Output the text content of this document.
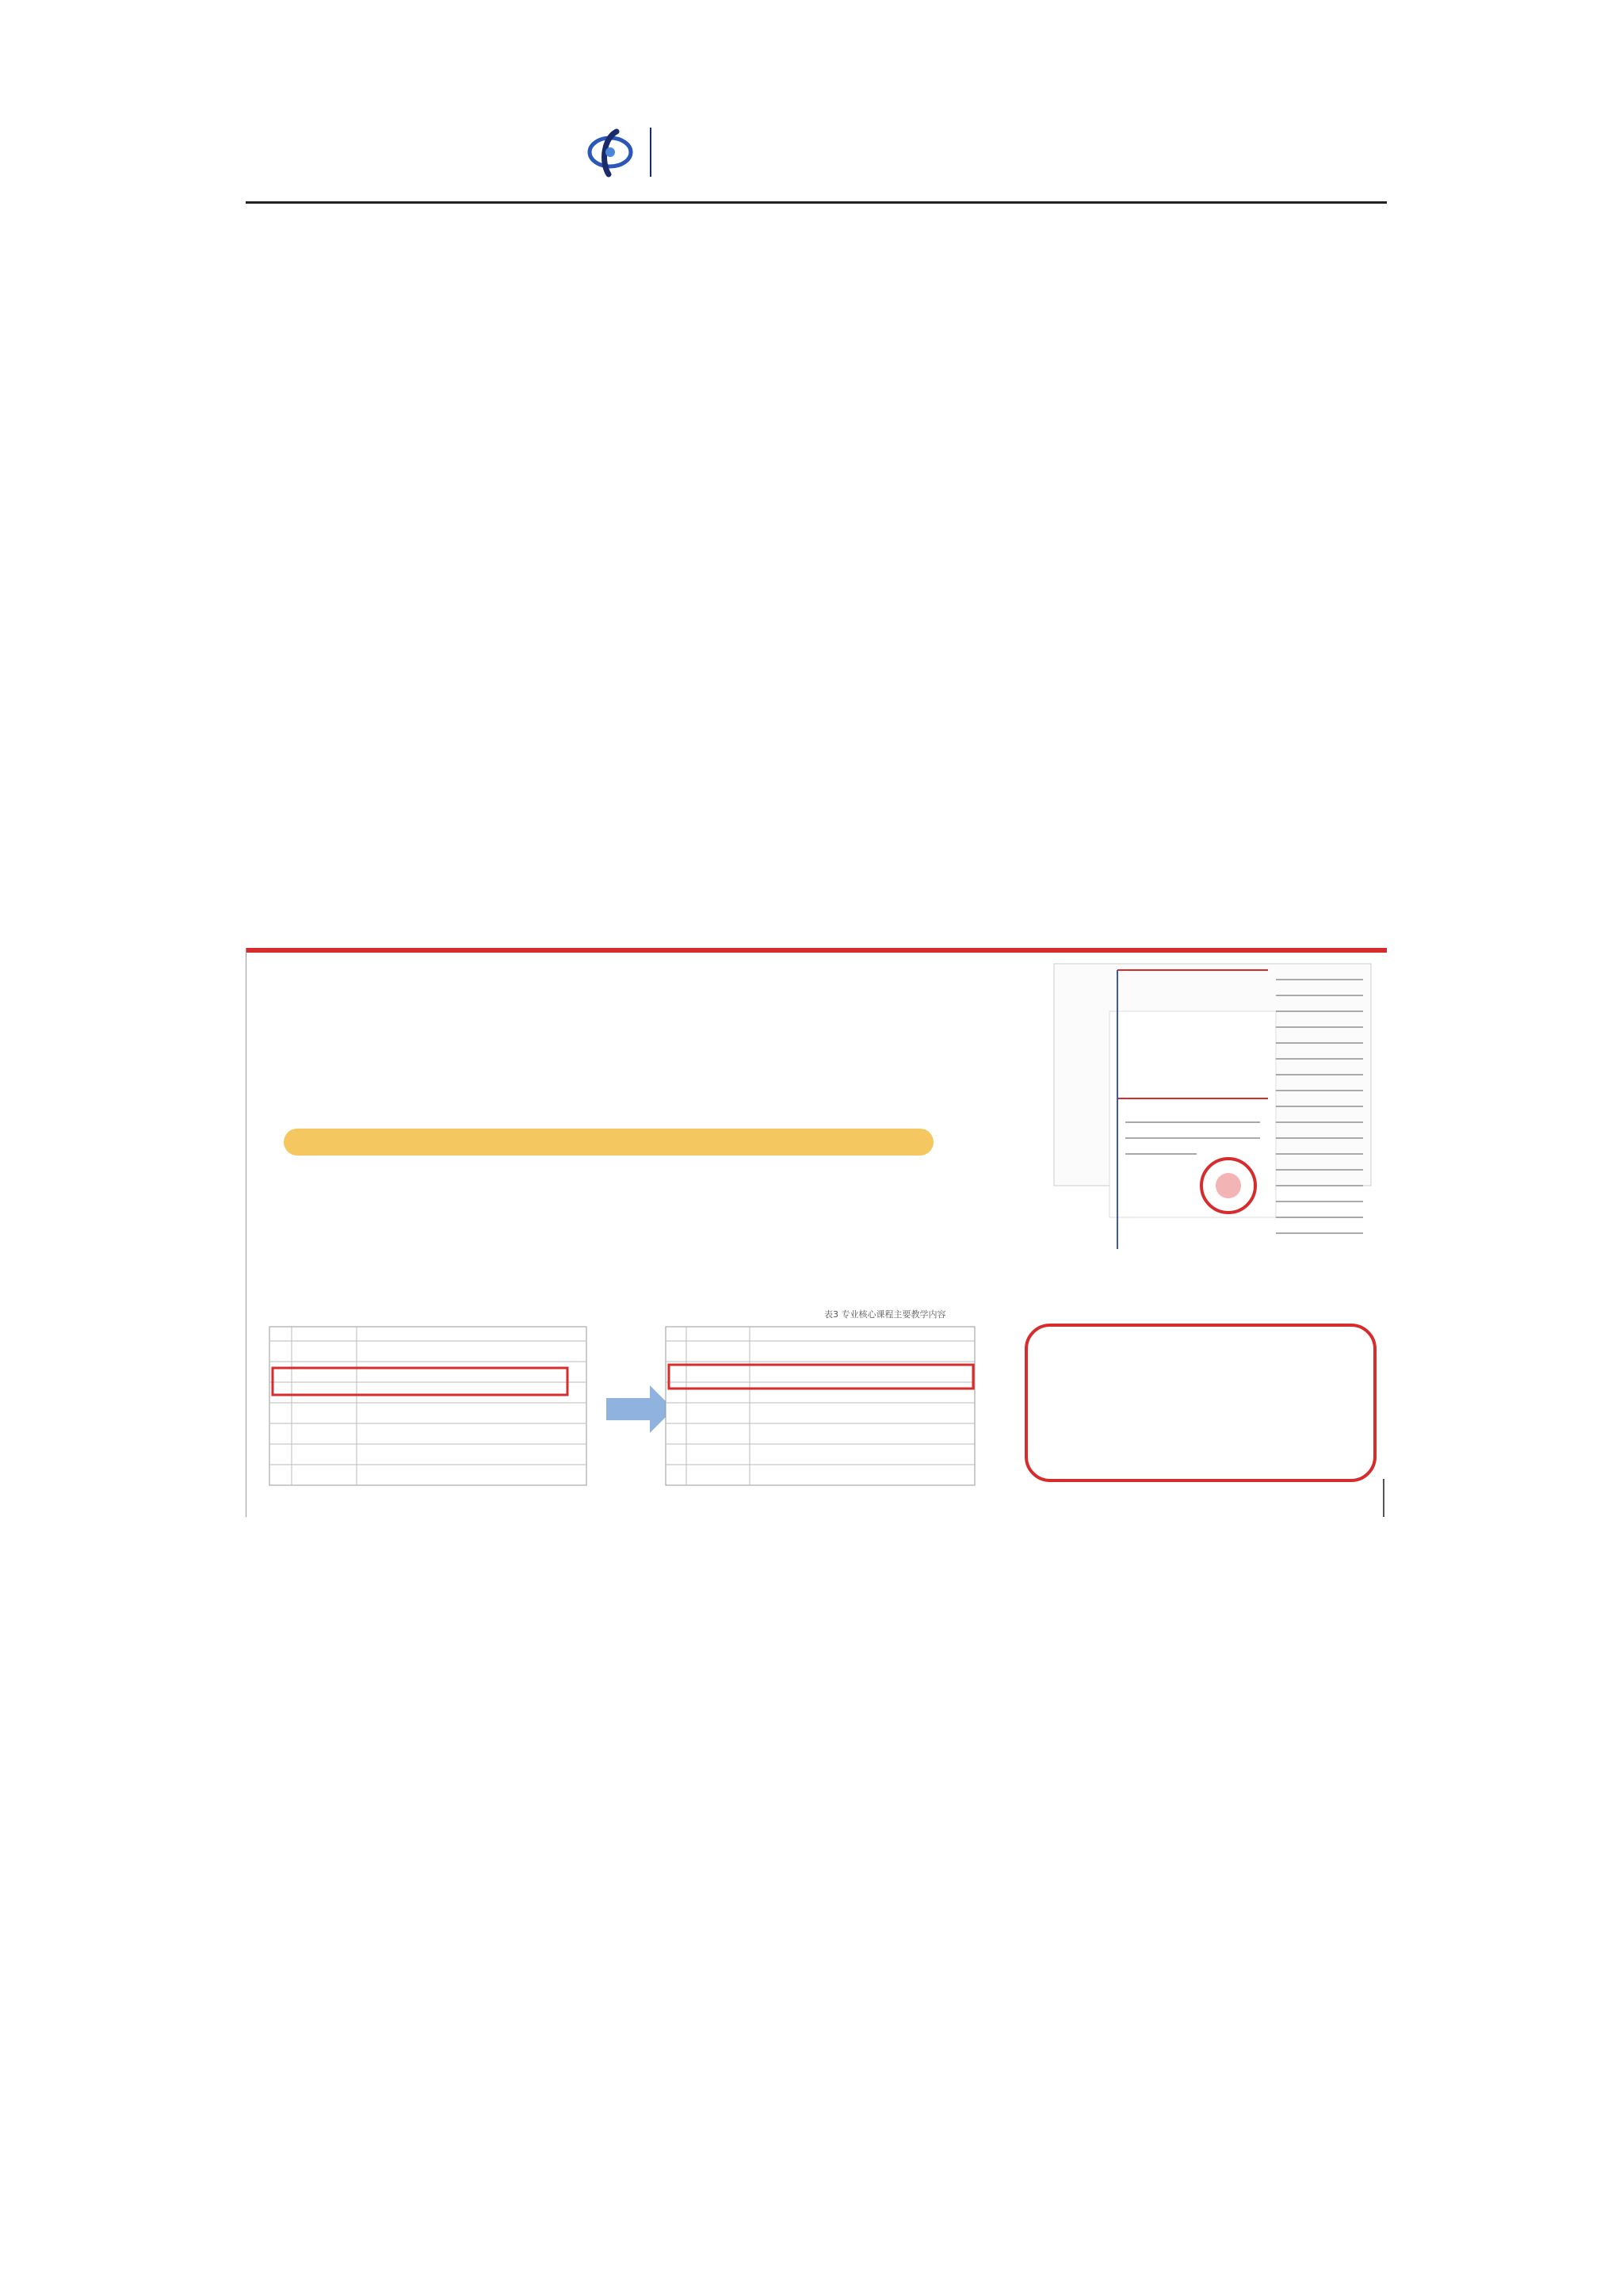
表3 专业核心课程主要教学内容
